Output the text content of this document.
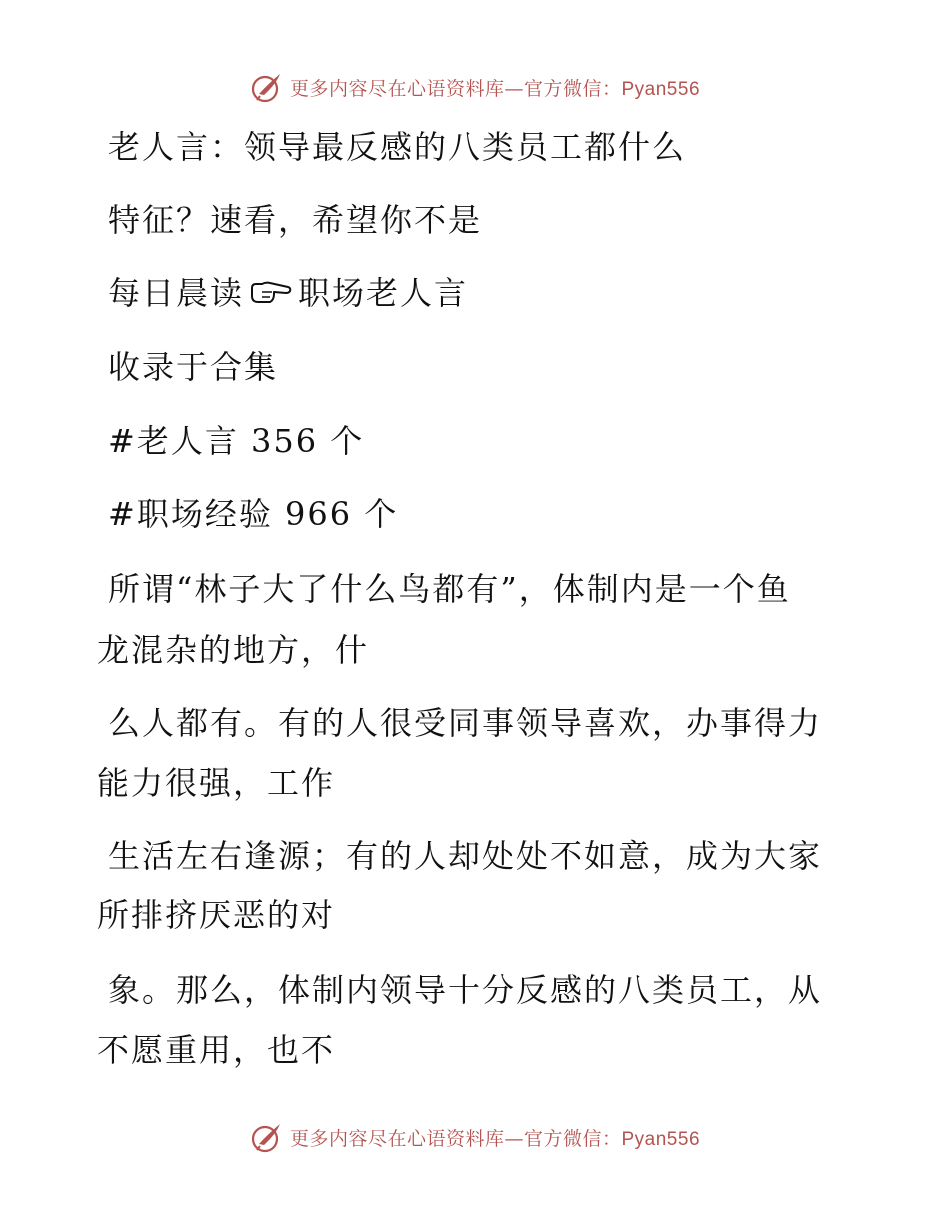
更多内容尽在心语资料库—官方微信：Pyan556
老人言：领导最反感的八类员工都什么
特征？速看，希望你不是
每日晨读 职场老人言
收录于合集
#老人言 356 个
#职场经验 966 个
所谓“林子大了什么鸟都有”，体制内是一个鱼
龙混杂的地方，什
么人都有。有的人很受同事领导喜欢，办事得力
能力很强，工作
生活左右逢源；有的人却处处不如意，成为大家
所排挤厌恶的对
象。那么，体制内领导十分反感的八类员工，从
不愿重用，也不
更多内容尽在心语资料库—官方微信：Pyan556
